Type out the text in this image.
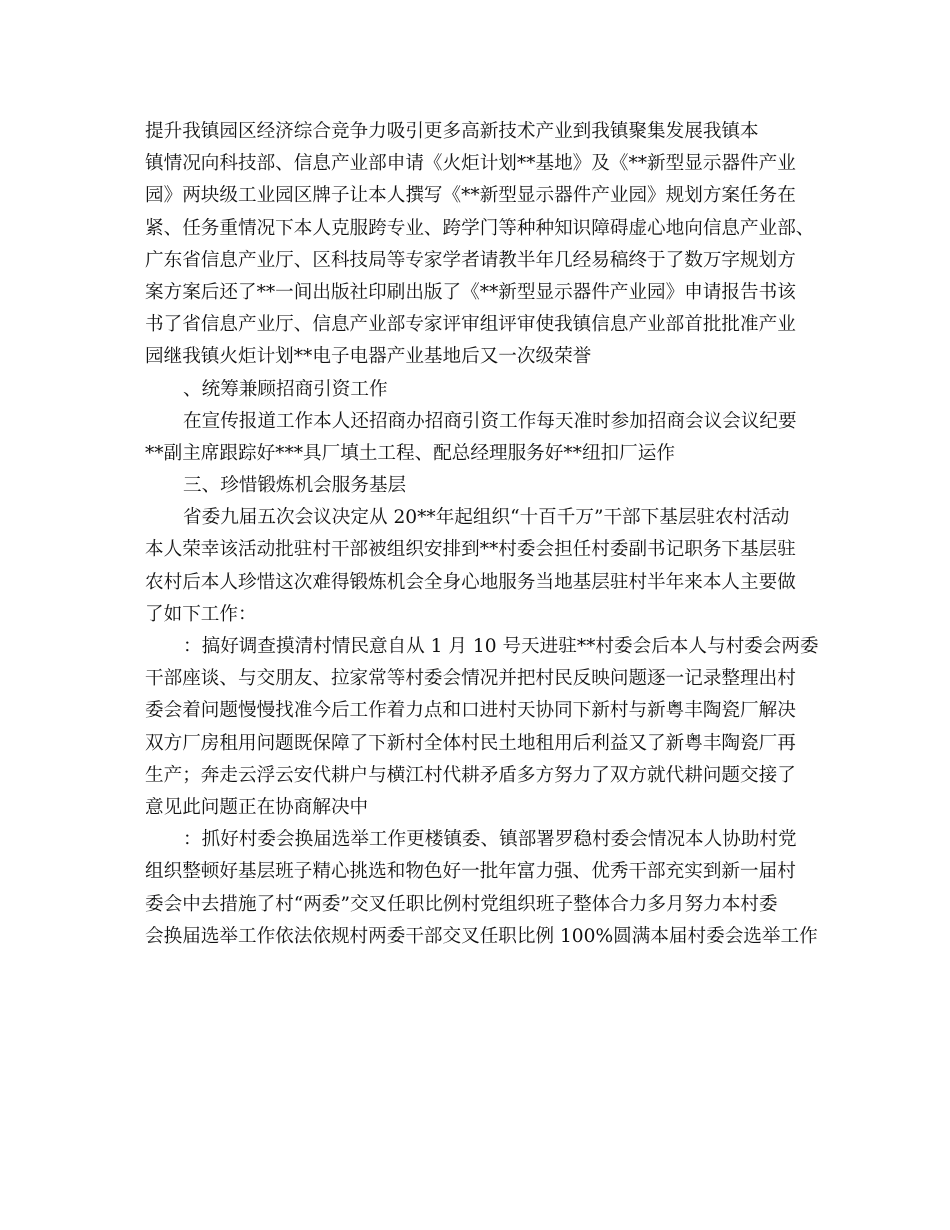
提升我镇园区经济综合竞争力吸引更多高新技术产业到我镇聚集发展我镇本
镇情况向科技部、信息产业部申请《火炬计划**基地》及《**新型显示器件产业
园》两块级工业园区牌子让本人撰写《**新型显示器件产业园》规划方案任务在
紧、任务重情况下本人克服跨专业、跨学门等种种知识障碍虚心地向信息产业部、
广东省信息产业厅、区科技局等专家学者请教半年几经易稿终于了数万字规划方
案方案后还了**一间出版社印刷出版了《**新型显示器件产业园》申请报告书该
书了省信息产业厅、信息产业部专家评审组评审使我镇信息产业部首批批准产业
园继我镇火炬计划**电子电器产业基地后又一次级荣誉
、统筹兼顾招商引资工作
在宣传报道工作本人还招商办招商引资工作每天准时参加招商会议会议纪要
**副主席跟踪好***具厂填土工程、配总经理服务好**纽扣厂运作
三、珍惜锻炼机会服务基层
省委九届五次会议决定从 20**年起组织“十百千万”干部下基层驻农村活动
本人荣幸该活动批驻村干部被组织安排到**村委会担任村委副书记职务下基层驻
农村后本人珍惜这次难得锻炼机会全身心地服务当地基层驻村半年来本人主要做
了如下工作：
：搞好调查摸清村情民意自从 1 月 10 号天进驻**村委会后本人与村委会两委
干部座谈、与交朋友、拉家常等村委会情况并把村民反映问题逐一记录整理出村
委会着问题慢慢找准今后工作着力点和口进村天协同下新村与新粤丰陶瓷厂解决
双方厂房租用问题既保障了下新村全体村民土地租用后利益又了新粤丰陶瓷厂再
生产；奔走云浮云安代耕户与横江村代耕矛盾多方努力了双方就代耕问题交接了
意见此问题正在协商解决中
：抓好村委会换届选举工作更楼镇委、镇部署罗稳村委会情况本人协助村党
组织整顿好基层班子精心挑选和物色好一批年富力强、优秀干部充实到新一届村
委会中去措施了村“两委”交叉任职比例村党组织班子整体合力多月努力本村委
会换届选举工作依法依规村两委干部交叉任职比例 100%圆满本届村委会选举工作
